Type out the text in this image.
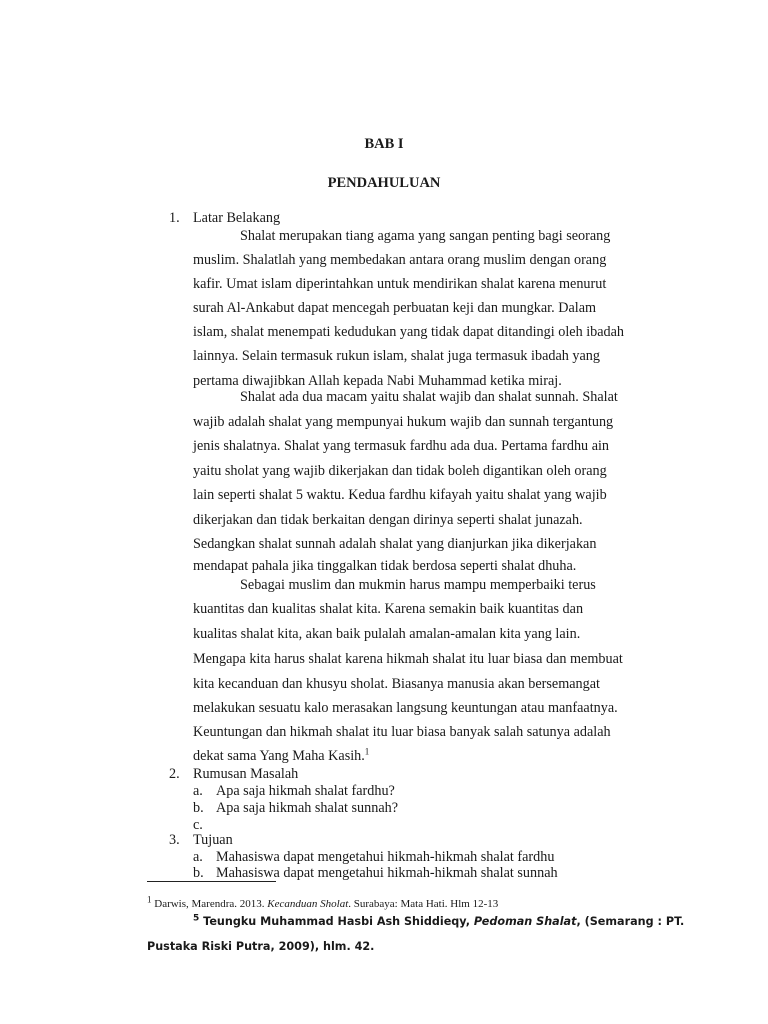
BAB I
PENDAHULUAN
1. Latar Belakang
Shalat merupakan tiang agama yang sangan penting bagi seorang
muslim. Shalatlah yang membedakan antara orang muslim dengan orang
kafir. Umat islam diperintahkan untuk mendirikan shalat karena menurut
surah Al-Ankabut dapat mencegah perbuatan keji dan mungkar. Dalam
islam, shalat menempati kedudukan yang tidak dapat ditandingi oleh ibadah
lainnya. Selain termasuk rukun islam, shalat juga termasuk ibadah yang
pertama diwajibkan Allah kepada Nabi Muhammad ketika miraj.
Shalat ada dua macam yaitu shalat wajib dan shalat sunnah. Shalat
wajib adalah shalat yang mempunyai hukum wajib dan sunnah tergantung
jenis shalatnya. Shalat yang termasuk fardhu ada dua. Pertama fardhu ain
yaitu sholat yang wajib dikerjakan dan tidak boleh digantikan oleh orang
lain seperti shalat 5 waktu. Kedua fardhu kifayah yaitu shalat yang wajib
dikerjakan dan tidak berkaitan dengan dirinya seperti shalat junazah.
Sedangkan shalat sunnah adalah shalat yang dianjurkan jika dikerjakan
mendapat pahala jika tinggalkan tidak berdosa seperti shalat dhuha.
Sebagai muslim dan mukmin harus mampu memperbaiki terus
kuantitas dan kualitas shalat kita. Karena semakin baik kuantitas dan
kualitas shalat kita, akan baik pulalah amalan-amalan kita yang lain.
Mengapa kita harus shalat karena hikmah shalat itu luar biasa dan membuat
kita kecanduan dan khusyu sholat. Biasanya manusia akan bersemangat
melakukan sesuatu kalo merasakan langsung keuntungan atau manfaatnya.
Keuntungan dan hikmah shalat itu luar biasa banyak salah satunya adalah
dekat sama Yang Maha Kasih.$^1$
2. Rumusan Masalah
a. Apa saja hikmah shalat fardhu?
b. Apa saja hikmah shalat sunnah?
c.
3. Tujuan
a. Mahasiswa dapat mengetahui hikmah-hikmah shalat fardhu
b. Mahasiswa dapat mengetahui hikmah-hikmah shalat sunnah
$^1$ Darwis, Marendra. 2013. Kecanduan Sholat. Surabaya: Mata Hati. Hlm 12-13
$^5$ Teungku Muhammad Hasbi Ash Shiddieqy, Pedoman Shalat, (Semarang : PT.
Pustaka Riski Putra, 2009), hlm. 42.
